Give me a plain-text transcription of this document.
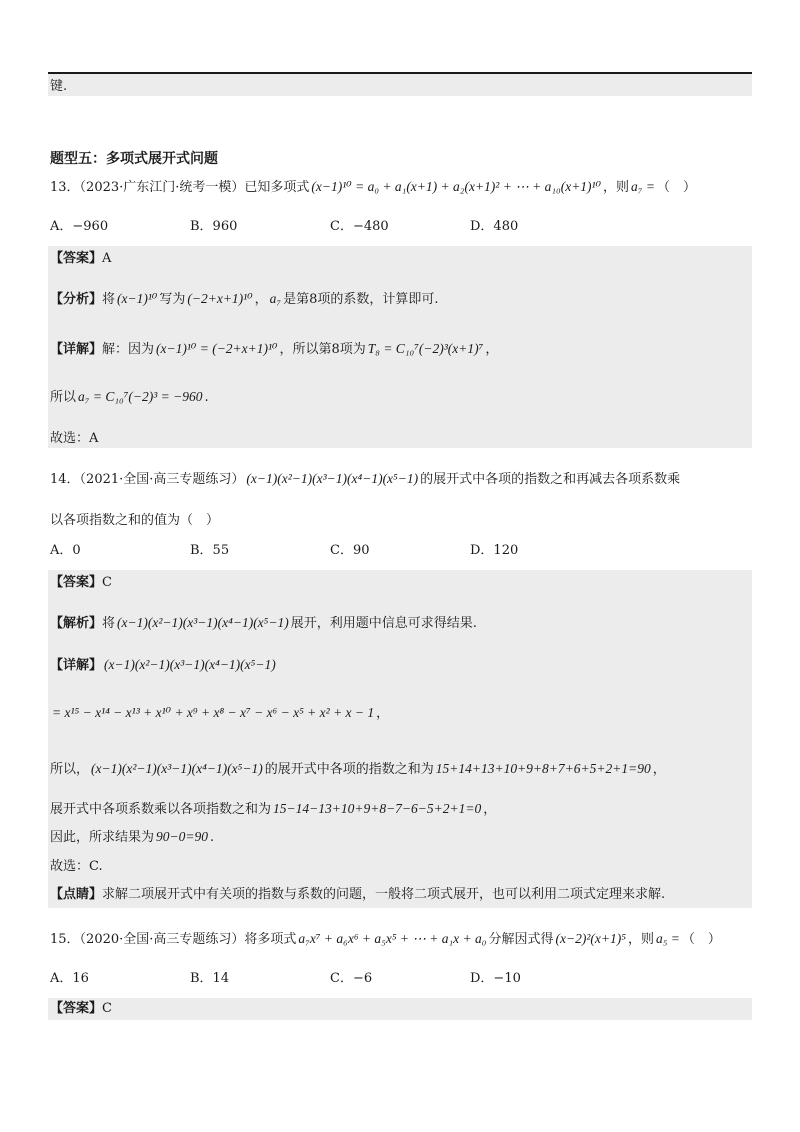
键.
题型五：多项式展开式问题
13．（2023·广东江门·统考一模）已知多项式 (x−1)¹⁰ = a₀ + a₁(x+1) + a₂(x+1)² + ⋯ + a₁₀(x+1)¹⁰ ，则 a₇ = （　）
A．−960	B．960	C．−480	D．480
【答案】A
【分析】将 (x−1)¹⁰ 写为 (−2+x+1)¹⁰ ， a₇ 是第8项的系数，计算即可.
【详解】解：因为 (x−1)¹⁰ = (−2+x+1)¹⁰ ，所以第8项为 T₈ = C₁₀⁷(−2)³(x+1)⁷ ，
所以 a₇ = C₁₀⁷(−2)³ = −960 .
故选：A
14．（2021·全国·高三专题练习） (x−1)(x²−1)(x³−1)(x⁴−1)(x⁵−1) 的展开式中各项的指数之和再减去各项系数乘
以各项指数之和的值为（　）
A．0	B．55	C．90	D．120
【答案】C
【解析】将 (x−1)(x²−1)(x³−1)(x⁴−1)(x⁵−1) 展开，利用题中信息可求得结果.
【详解】 (x−1)(x²−1)(x³−1)(x⁴−1)(x⁵−1)
= x¹⁵ − x¹⁴ − x¹³ + x¹⁰ + x⁹ + x⁸ − x⁷ − x⁶ − x⁵ + x² + x − 1 ，
所以， (x−1)(x²−1)(x³−1)(x⁴−1)(x⁵−1) 的展开式中各项的指数之和为 15+14+13+10+9+8+7+6+5+2+1=90 ，
展开式中各项系数乘以各项指数之和为 15−14−13+10+9+8−7−6−5+2+1=0 ，
因此，所求结果为 90−0=90 .
故选：C.
【点睛】求解二项展开式中有关项的指数与系数的问题，一般将二项式展开，也可以利用二项式定理来求解.
15．（2020·全国·高三专题练习）将多项式 a₇x⁷ + a₆x⁶ + a₅x⁵ + ⋯ + a₁x + a₀ 分解因式得 (x−2)²(x+1)⁵ ，则 a₅ = （　）
A．16	B．14	C．−6	D．−10
【答案】C
